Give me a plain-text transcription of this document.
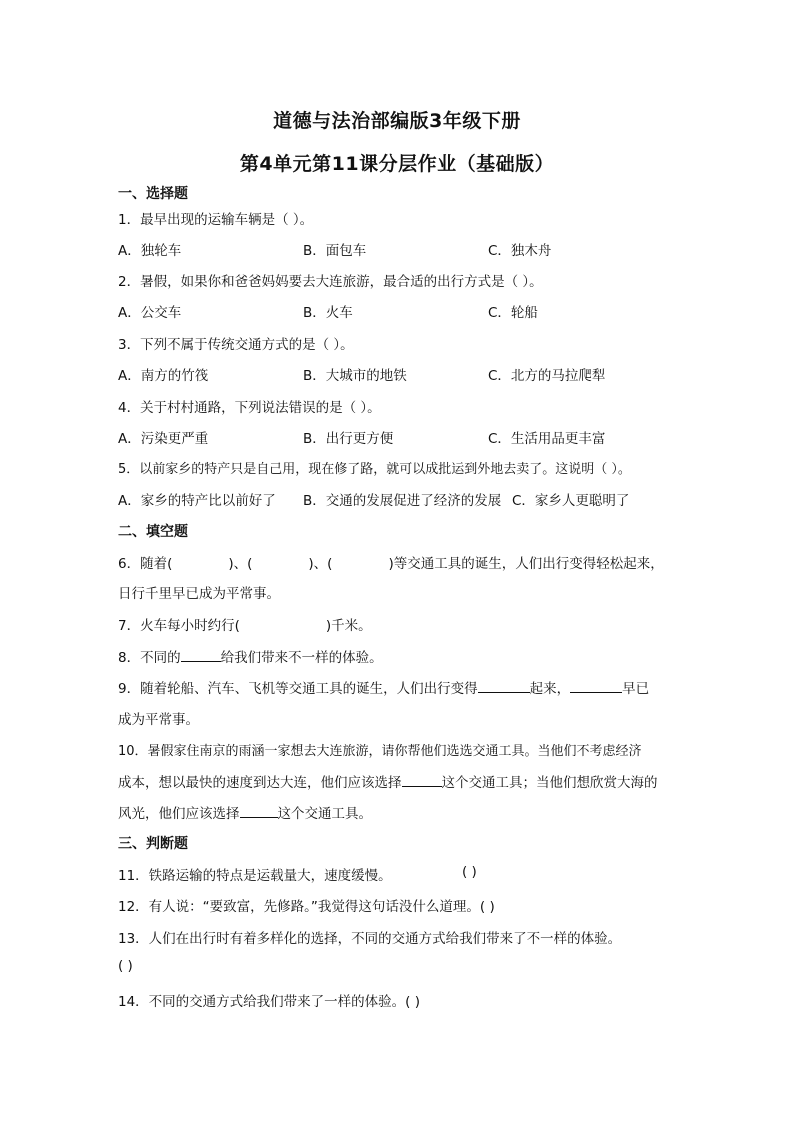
道德与法治部编版3年级下册
第4单元第11课分层作业（基础版）
一、选择题
1．最早出现的运输车辆是（ ）。
A．独轮车	B．面包车	C．独木舟
2．暑假，如果你和爸爸妈妈要去大连旅游，最合适的出行方式是（ ）。
A．公交车	B．火车	C．轮船
3．下列不属于传统交通方式的是（ ）。
A．南方的竹筏	B．大城市的地铁	C．北方的马拉爬犁
4．关于村村通路，下列说法错误的是（ ）。
A．污染更严重	B．出行更方便	C．生活用品更丰富
5．以前家乡的特产只是自己用，现在修了路，就可以成批运到外地去卖了。这说明（ ）。
A．家乡的特产比以前好了 B．交通的发展促进了经济的发展 C．家乡人更聪明了
二、填空题
6．随着(	)、(	)、(	)等交通工具的诞生，人们出行变得轻松起来，
日行千里早已成为平常事。
7．火车每小时约行(	)千米。
8．不同的	给我们带来不一样的体验。
9．随着轮船、汽车、飞机等交通工具的诞生，人们出行变得	起来，	早已
成为平常事。
10．暑假家住南京的雨涵一家想去大连旅游，请你帮他们选选交通工具。当他们不考虑经济
成本，想以最快的速度到达大连，他们应该选择	这个交通工具；当他们想欣赏大海的
风光，他们应该选择	这个交通工具。
三、判断题
11．铁路运输的特点是运载量大，速度缓慢。	( )
12．有人说：“要致富，先修路。”我觉得这句话没什么道理。( )
13．人们在出行时有着多样化的选择，不同的交通方式给我们带来了不一样的体验。
( )
14．不同的交通方式给我们带来了一样的体验。( )
